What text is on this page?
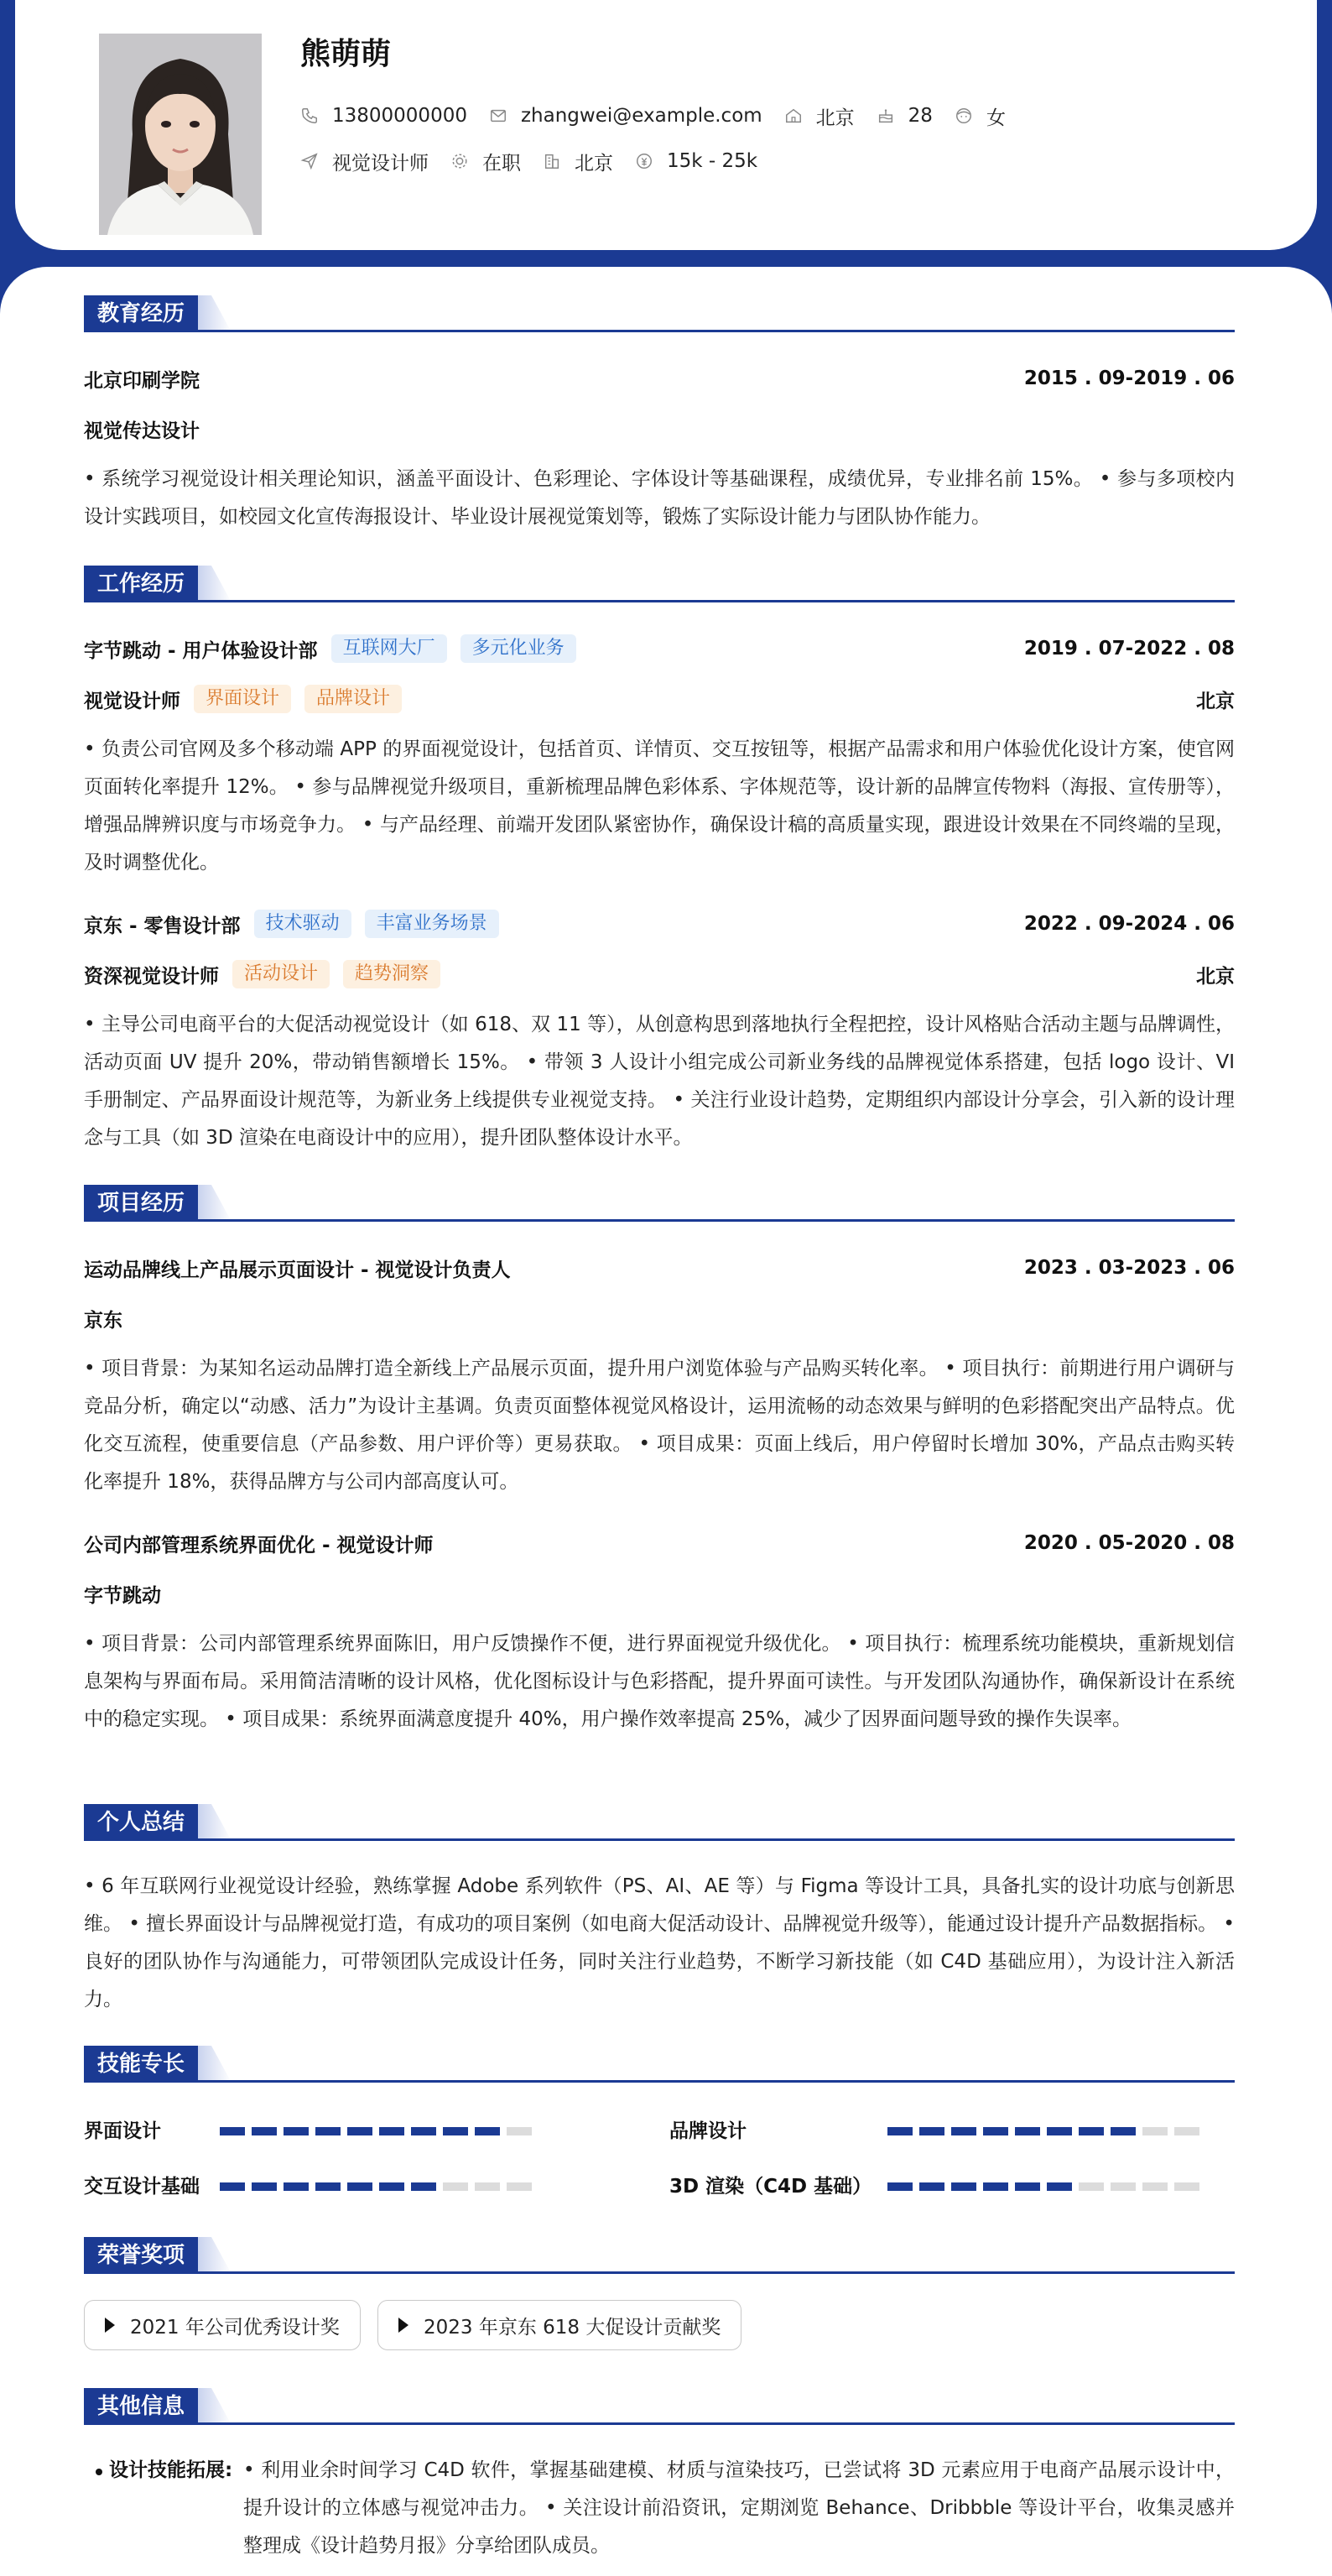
熊萌萌
13800000000	zhangwei@example.com	北京	28	女
视觉设计师	在职	北京	15k - 25k
教育经历
北京印刷学院	2015 . 09-2019 . 06
视觉传达设计
• 系统学习视觉设计相关理论知识，涵盖平面设计、色彩理论、字体设计等基础课程，成绩优异，专业排名前 15%。 • 参与多项校内设计实践项目，如校园文化宣传海报设计、毕业设计展视觉策划等，锻炼了实际设计能力与团队协作能力。
工作经历
字节跳动 - 用户体验设计部	互联网大厂	多元化业务	2019 . 07-2022 . 08
视觉设计师	界面设计	品牌设计	北京
• 负责公司官网及多个移动端 APP 的界面视觉设计，包括首页、详情页、交互按钮等，根据产品需求和用户体验优化设计方案，使官网页面转化率提升 12%。 • 参与品牌视觉升级项目，重新梳理品牌色彩体系、字体规范等，设计新的品牌宣传物料（海报、宣传册等），增强品牌辨识度与市场竞争力。 • 与产品经理、前端开发团队紧密协作，确保设计稿的高质量实现，跟进设计效果在不同终端的呈现，及时调整优化。
京东 - 零售设计部	技术驱动	丰富业务场景	2022 . 09-2024 . 06
资深视觉设计师	活动设计	趋势洞察	北京
• 主导公司电商平台的大促活动视觉设计（如 618、双 11 等），从创意构思到落地执行全程把控，设计风格贴合活动主题与品牌调性，活动页面 UV 提升 20%，带动销售额增长 15%。 • 带领 3 人设计小组完成公司新业务线的品牌视觉体系搭建，包括 logo 设计、VI 手册制定、产品界面设计规范等，为新业务上线提供专业视觉支持。 • 关注行业设计趋势，定期组织内部设计分享会，引入新的设计理念与工具（如 3D 渲染在电商设计中的应用），提升团队整体设计水平。
项目经历
运动品牌线上产品展示页面设计 - 视觉设计负责人	2023 . 03-2023 . 06
京东
• 项目背景：为某知名运动品牌打造全新线上产品展示页面，提升用户浏览体验与产品购买转化率。 • 项目执行：前期进行用户调研与竞品分析，确定以“动感、活力”为设计主基调。负责页面整体视觉风格设计，运用流畅的动态效果与鲜明的色彩搭配突出产品特点。优化交互流程，使重要信息（产品参数、用户评价等）更易获取。 • 项目成果：页面上线后，用户停留时长增加 30%，产品点击购买转化率提升 18%，获得品牌方与公司内部高度认可。
公司内部管理系统界面优化 - 视觉设计师	2020 . 05-2020 . 08
字节跳动
• 项目背景：公司内部管理系统界面陈旧，用户反馈操作不便，进行界面视觉升级优化。 • 项目执行：梳理系统功能模块，重新规划信息架构与界面布局。采用简洁清晰的设计风格，优化图标设计与色彩搭配，提升界面可读性。与开发团队沟通协作，确保新设计在系统中的稳定实现。 • 项目成果：系统界面满意度提升 40%，用户操作效率提高 25%，减少了因界面问题导致的操作失误率。
个人总结
• 6 年互联网行业视觉设计经验，熟练掌握 Adobe 系列软件（PS、AI、AE 等）与 Figma 等设计工具，具备扎实的设计功底与创新思维。 • 擅长界面设计与品牌视觉打造，有成功的项目案例（如电商大促活动设计、品牌视觉升级等），能通过设计提升产品数据指标。 • 良好的团队协作与沟通能力，可带领团队完成设计任务，同时关注行业趋势，不断学习新技能（如 C4D 基础应用），为设计注入新活力。
技能专长
界面设计	品牌设计
交互设计基础	3D 渲染（C4D 基础）
荣誉奖项
2021 年公司优秀设计奖	2023 年京东 618 大促设计贡献奖
其他信息
设计技能拓展: • 利用业余时间学习 C4D 软件，掌握基础建模、材质与渲染技巧，已尝试将 3D 元素应用于电商产品展示设计中，提升设计的立体感与视觉冲击力。 • 关注设计前沿资讯，定期浏览 Behance、Dribbble 等设计平台，收集灵感并整理成《设计趋势月报》分享给团队成员。
